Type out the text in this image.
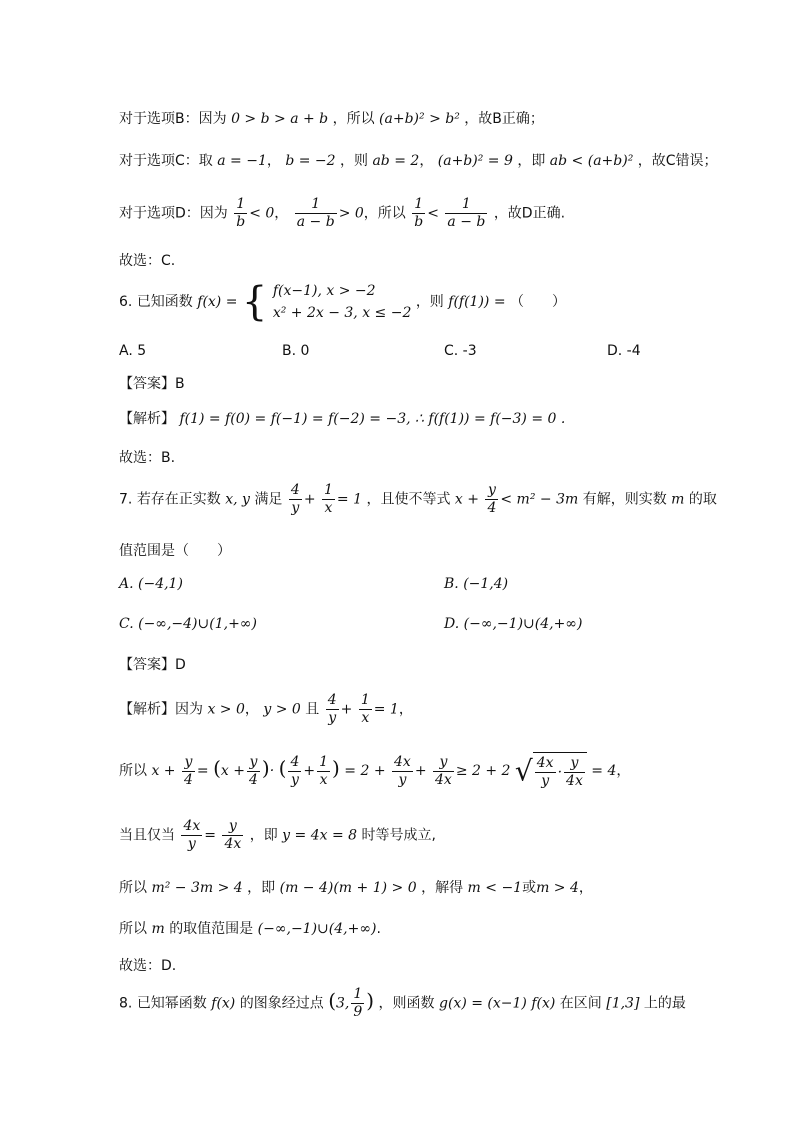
对于选项B：因为 0 > b > a + b ，所以 (a+b)² > b² ，故B正确；
对于选项C：取 a = −1， b = −2 ，则 ab = 2， (a+b)² = 9 ，即 ab < (a+b)² ，故C错误；
对于选项D：因为 $\frac{1}{b} < 0$， $\frac{1}{a - b} > 0$，所以 $\frac{1}{b} < \frac{1}{a - b}$ ，故D正确.
故选：C.
6. 已知函数 f(x) = { f(x−1), x > −2
x² + 2x − 3, x ≤ −2
，则 f(f(1)) = （　　）
A. 5	B. 0	C. -3	D. -4
【答案】B
【解析】 f(1) = f(0) = f(−1) = f(−2) = −3, ∴ f(f(1)) = f(−3) = 0 .
故选：B.
7. 若存在正实数 x, y 满足 $\frac{4}{y} + \frac{1}{x} = 1$ ，且使不等式 $x + \frac{y}{4} < m^2 - 3m$ 有解，则实数 m 的取
值范围是（　　）
A. (−4,1)	B. (−1,4)
C. (−∞,−4)∪(1,+∞)	D. (−∞,−1)∪(4,+∞)
【答案】D
【解析】因为 x > 0， y > 0 且 $\frac{4}{y} + \frac{1}{x} = 1$，
所以 $x + \frac{y}{4} = (x + \frac{y}{4}$ )· ( $\frac{4}{y} + \frac{1}{x}$ ) = $2 + \frac{4x}{y} + \frac{y}{4x} \ge 2 + 2$ √ $\frac{4x}{y} \cdot \frac{y}{4x} = 4$，
当且仅当 $\frac{4x}{y} = \frac{y}{4x}$ ，即 y = 4x = 8 时等号成立,
所以 m² − 3m > 4 ，即 (m − 4)(m + 1) > 0 ，解得 m < −1或m > 4，
所以 m 的取值范围是 (−∞,−1)∪(4,+∞).
故选：D.
8. 已知幂函数 f(x) 的图象经过点 (3, $\frac{1}{9}$ ) ，则函数 g(x) = (x−1) f(x) 在区间 [1,3] 上的最
